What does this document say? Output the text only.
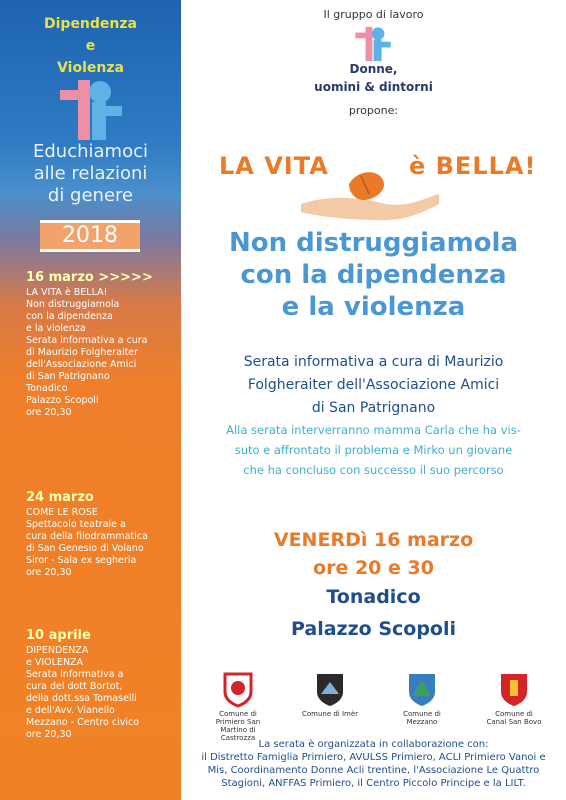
Dipendenza
e
Violenza
Educhiamoci
alle relazioni
di genere
2018
16 marzo >>>>>
LA VITA è BELLA!
Non distruggiamola
con la dipendenza
e la violenza
Serata informativa a cura
di Maurizio Folgheraiter
dell'Associazione Amici
di San Patrignano
Tonadico
Palazzo Scopoli
ore 20,30
24 marzo
COME LE ROSE
Spettacolo teatrale a
cura della filodrammatica
di San Genesio di Volano
Siror - Sala ex segheria
ore 20,30
10 aprile
DIPENDENZA
e VIOLENZA
Serata informativa a
cura del dott Bortot,
della dott.ssa Tomaselli
e dell'Avv. Vianello
Mezzano - Centro civico
ore 20,30
Il gruppo di lavoro
Donne,
uomini & dintorni
propone:
LA VITA	è BELLA!
Non distruggiamola
con la dipendenza
e la violenza
Serata informativa a cura di Maurizio
Folgheraiter dell'Associazione Amici
di San Patrignano
Alla serata interverranno mamma Carla che ha vis-
suto e affrontato il problema e Mirko un giovane
che ha concluso con successo il suo percorso
VENERDì 16 marzo
ore 20 e 30
Tonadico
Palazzo Scopoli
Comune di Primiero San Martino di Castrozza
Comune di Imèr	Comune di Mezzano
Comune di Canal San Bovo
La serata è organizzata in collaborazione con:
il Distretto Famiglia Primiero, AVULSS Primiero, ACLI Primiero Vanoi e
Mis, Coordinamento Donne Acli trentine, l'Associazione Le Quattro
Stagioni, ANFFAS Primiero, il Centro Piccolo Principe e la LILT.
